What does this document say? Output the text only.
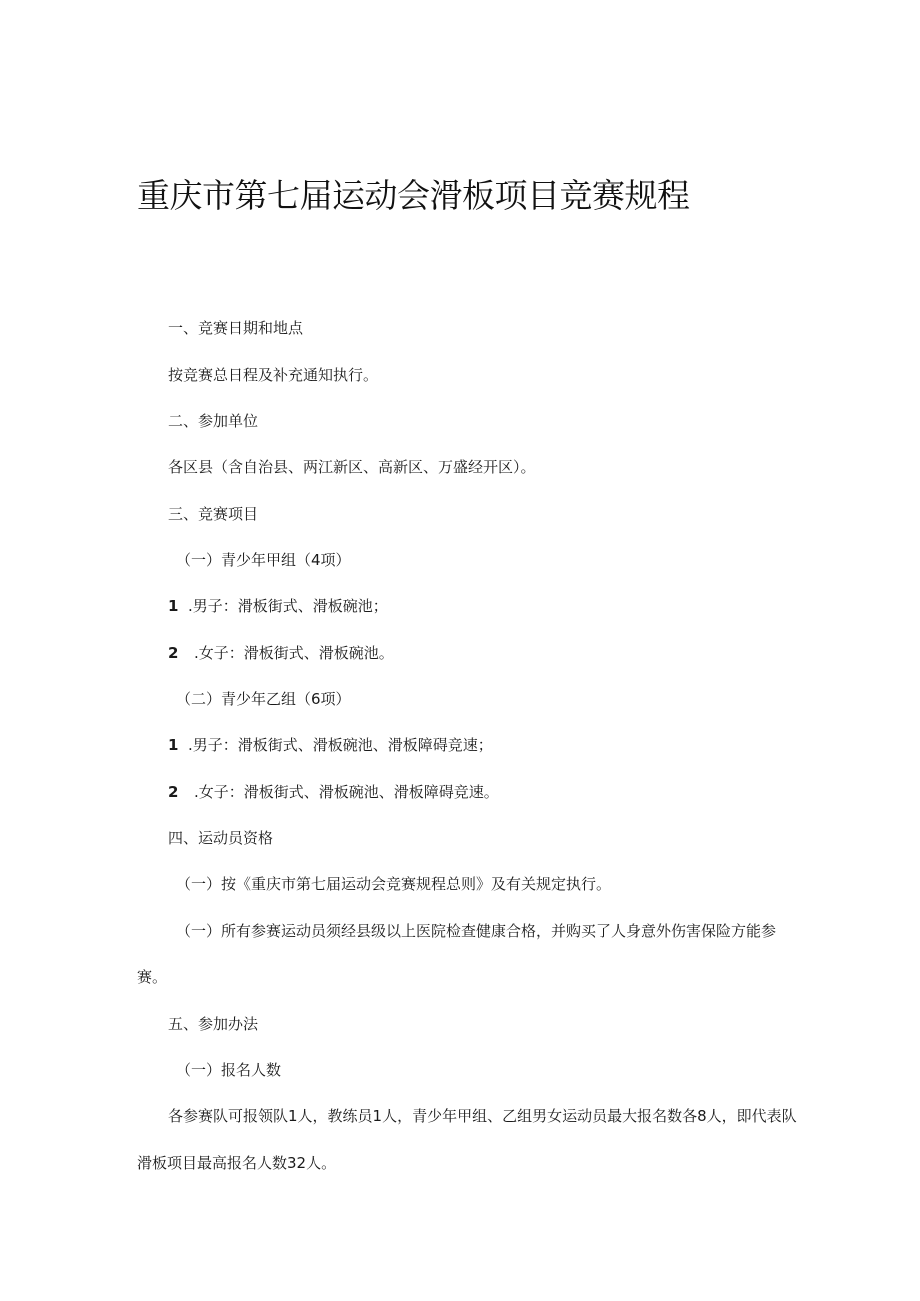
重庆市第七届运动会滑板项目竞赛规程

一、竞赛日期和地点

按竞赛总日程及补充通知执行。

二、参加单位

各区县（含自治县、两江新区、高新区、万盛经开区）。

三、竞赛项目

（一）青少年甲组（4项）

1 .男子：滑板街式、滑板碗池；

2 .女子：滑板街式、滑板碗池。

（二）青少年乙组（6项）

1 .男子：滑板街式、滑板碗池、滑板障碍竞速；

2 .女子：滑板街式、滑板碗池、滑板障碍竞速。

四、运动员资格

（一）按《重庆市第七届运动会竞赛规程总则》及有关规定执行。

（一）所有参赛运动员须经县级以上医院检查健康合格，并购买了人身意外伤害保险方能参

赛。

五、参加办法

（一）报名人数

各参赛队可报领队1人，教练员1人，青少年甲组、乙组男女运动员最大报名数各8人，即代表队

滑板项目最高报名人数32人。
